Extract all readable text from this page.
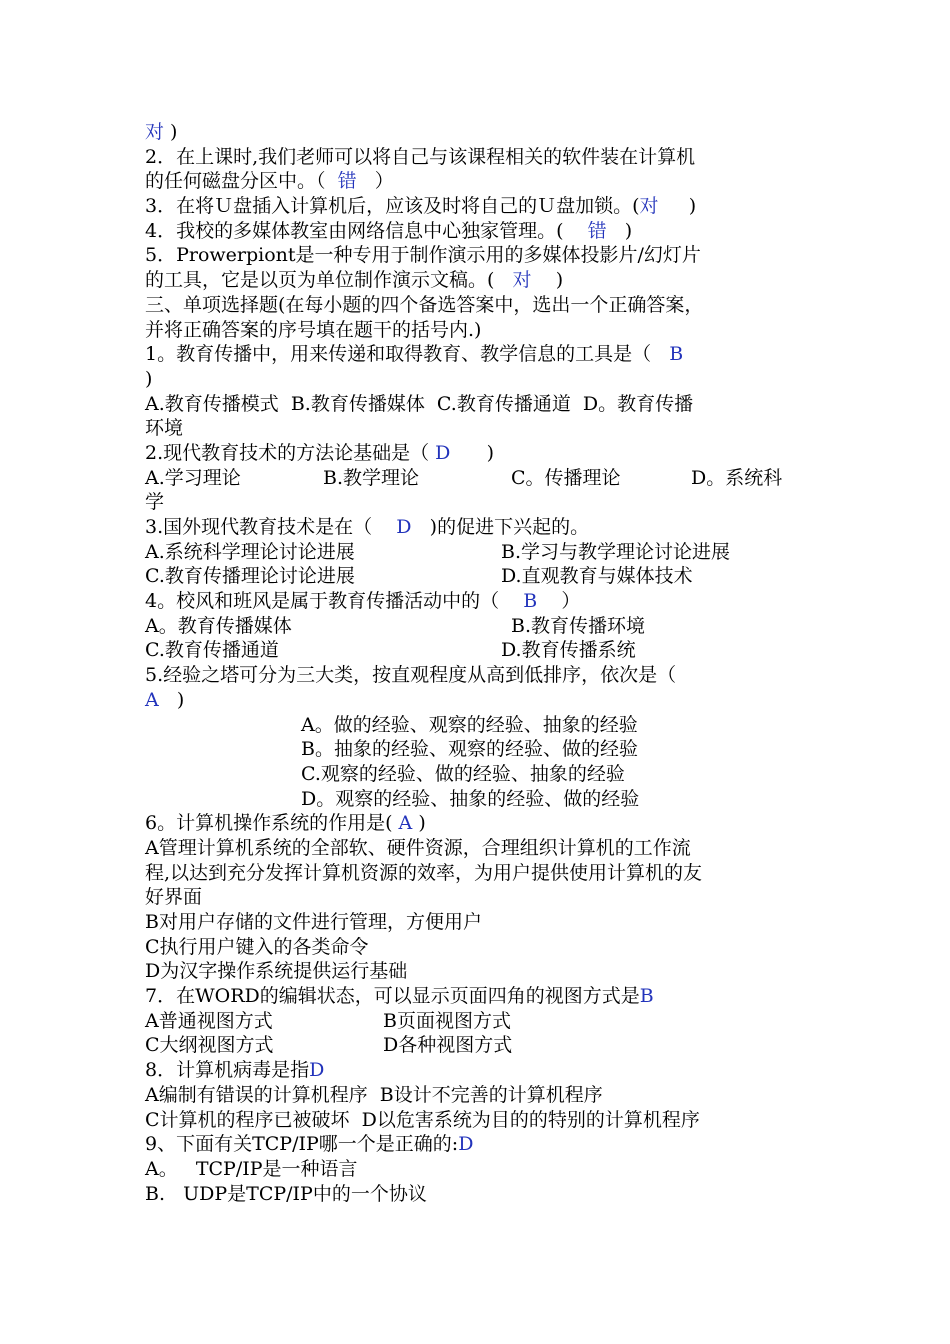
对 )
2．在上课时,我们老师可以将自己与该课程相关的软件装在计算机
的任何磁盘分区中。（  错   ）
3．在将Ｕ盘插入计算机后，应该及时将自己的Ｕ盘加锁。(对     )
4．我校的多媒体教室由网络信息中心独家管理。(    错   )
5．Prowerpiont是一种专用于制作演示用的多媒体投影片/幻灯片
的工具，它是以页为单位制作演示文稿。(   对    )
三、单项选择题(在每小题的四个备选答案中，选出一个正确答案，
并将正确答案的序号填在题干的括号内.)
1。教育传播中，用来传递和取得教育、教学信息的工具是（   B
)
A.教育传播模式  B.教育传播媒体  C.教育传播通道  D。教育传播
环境
2.现代教育技术的方法论基础是（ D      )
A.学习理论	B.教学理论	C。传播理论	D。系统科
学
3.国外现代教育技术是在（    D   )的促进下兴起的。
A.系统科学理论讨论进展	B.学习与教学理论讨论进展
C.教育传播理论讨论进展	D.直观教育与媒体技术
4。校风和班风是属于教育传播活动中的（    B    ）
A。教育传播媒体	B.教育传播环境
C.教育传播通道	D.教育传播系统
5.经验之塔可分为三大类，按直观程度从高到低排序，依次是（
A   )
A。做的经验、观察的经验、抽象的经验
B。抽象的经验、观察的经验、做的经验
C.观察的经验、做的经验、抽象的经验
D。观察的经验、抽象的经验、做的经验
6。计算机操作系统的作用是( A )
A管理计算机系统的全部软、硬件资源，合理组织计算机的工作流
程,以达到充分发挥计算机资源的效率，为用户提供使用计算机的友
好界面
B对用户存储的文件进行管理，方便用户
C执行用户键入的各类命令
D为汉字操作系统提供运行基础
7．在WORD的编辑状态，可以显示页面四角的视图方式是B
A普通视图方式	B页面视图方式
C大纲视图方式	D各种视图方式
8．计算机病毒是指D
A编制有错误的计算机程序  B设计不完善的计算机程序
C计算机的程序已被破坏  D以危害系统为目的的特别的计算机程序
9、下面有关TCP/IP哪一个是正确的:D
A。   TCP/IP是一种语言
B.   UDP是TCP/IP中的一个协议
